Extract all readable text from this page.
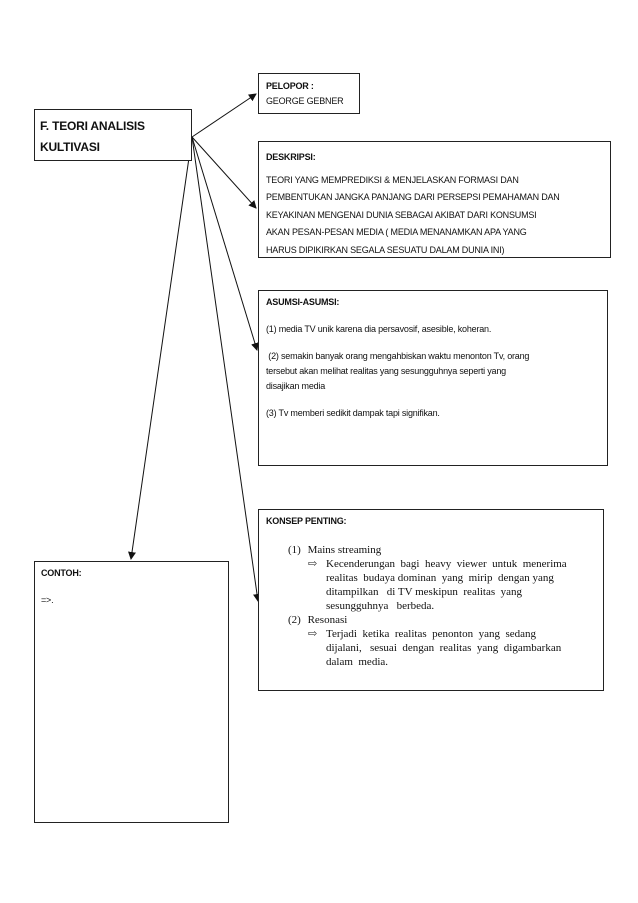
F. TEORI ANALISIS
KULTIVASI
PELOPOR :
GEORGE GEBNER
DESKRIPSI:
TEORI YANG MEMPREDIKSI & MENJELASKAN FORMASI DAN
PEMBENTUKAN JANGKA PANJANG DARI PERSEPSI PEMAHAMAN DAN
KEYAKINAN MENGENAI DUNIA SEBAGAI AKIBAT DARI KONSUMSI
AKAN PESAN-PESAN MEDIA ( MEDIA MENANAMKAN APA YANG
HARUS DIPIKIRKAN SEGALA SESUATU DALAM DUNIA INI)

ASUMSI-ASUMSI:

(1) media TV unik karena dia persavosif, asesible, koheran.

(2) semakin banyak orang mengahbiskan waktu menonton Tv, orang

tersebut akan melihat realitas yang sesungguhnya seperti yang

disajikan media

(3) Tv memberi sedikit dampak tapi signifikan.

KONSEP PENTING:
(1) Mains streaming
⇨ Kecenderungan  bagi  heavy  viewer  untuk  menerima
realitas  budaya dominan  yang  mirip  dengan yang
ditampilkan   di TV meskipun  realitas  yang
sesungguhnya   berbeda.
(2) Resonasi
⇨ Terjadi  ketika  realitas  penonton  yang  sedang
dijalani,   sesuai  dengan  realitas  yang  digambarkan
dalam  media.
CONTOH:
=>.
